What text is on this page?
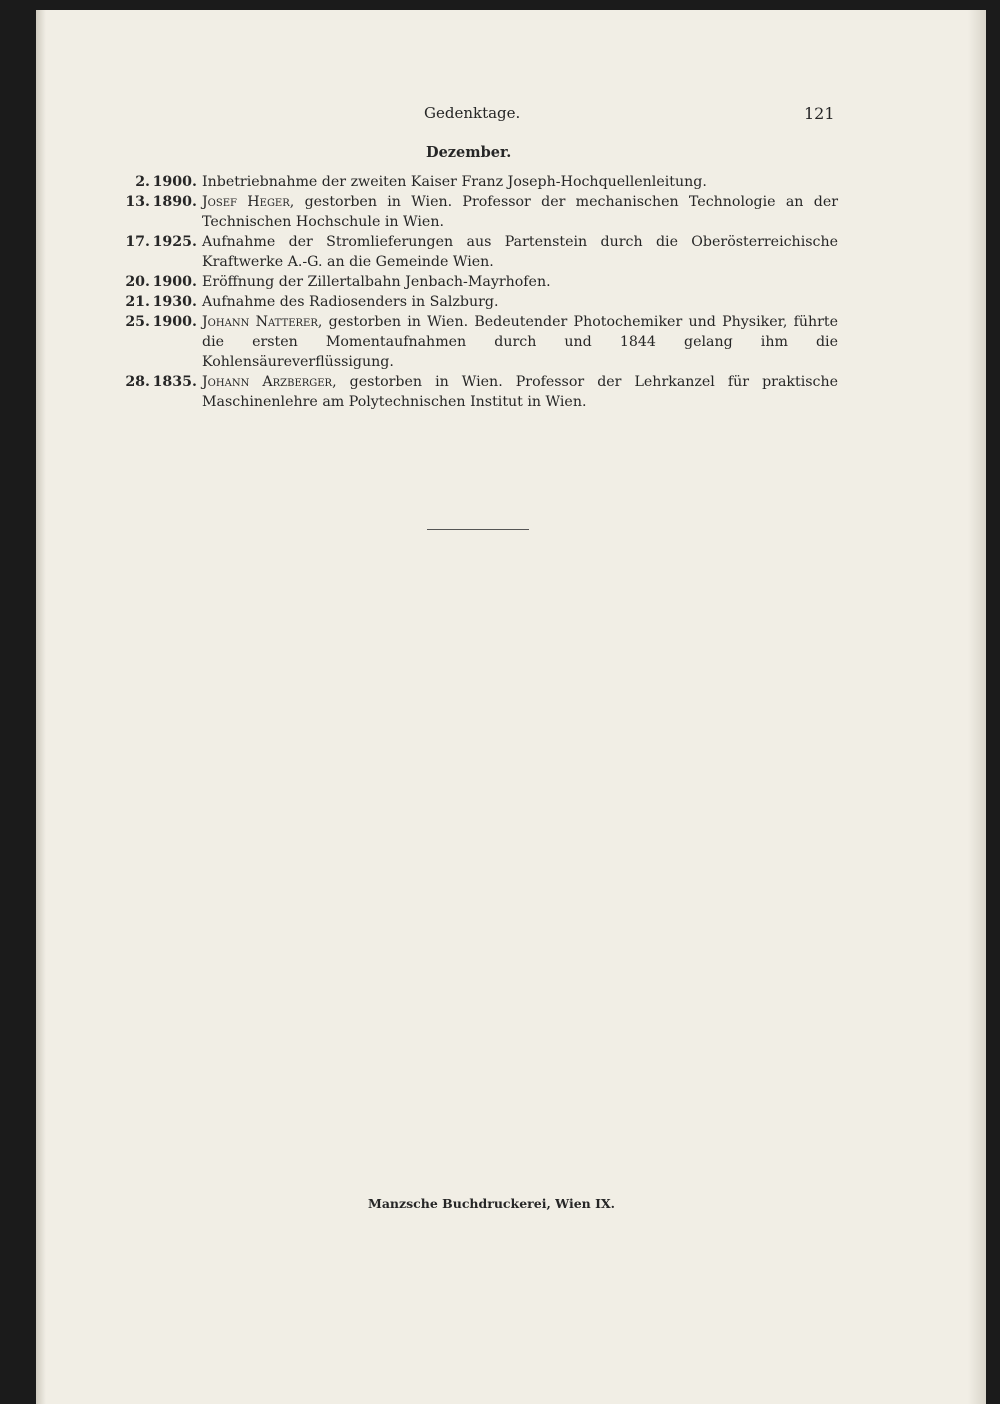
Gedenktage.	121
Dezember.
2. 1900. Inbetriebnahme der zweiten Kaiser Franz Joseph-Hochquellenleitung.
13. 1890. Josef Heger, gestorben in Wien. Professor der mechanischen Technologie an der Technischen Hochschule in Wien.
17. 1925. Aufnahme der Stromlieferungen aus Partenstein durch die Oberösterreichische Kraftwerke A.-G. an die Gemeinde Wien.
20. 1900. Eröffnung der Zillertalbahn Jenbach-Mayrhofen.
21. 1930. Aufnahme des Radiosenders in Salzburg.
25. 1900. Johann Natterer, gestorben in Wien. Bedeutender Photochemiker und Physiker, führte die ersten Momentaufnahmen durch und 1844 gelang ihm die Kohlensäureverflüssigung.
28. 1835. Johann Arzberger, gestorben in Wien. Professor der Lehrkanzel für praktische Maschinenlehre am Polytechnischen Institut in Wien.
Manzsche Buchdruckerei, Wien IX.
